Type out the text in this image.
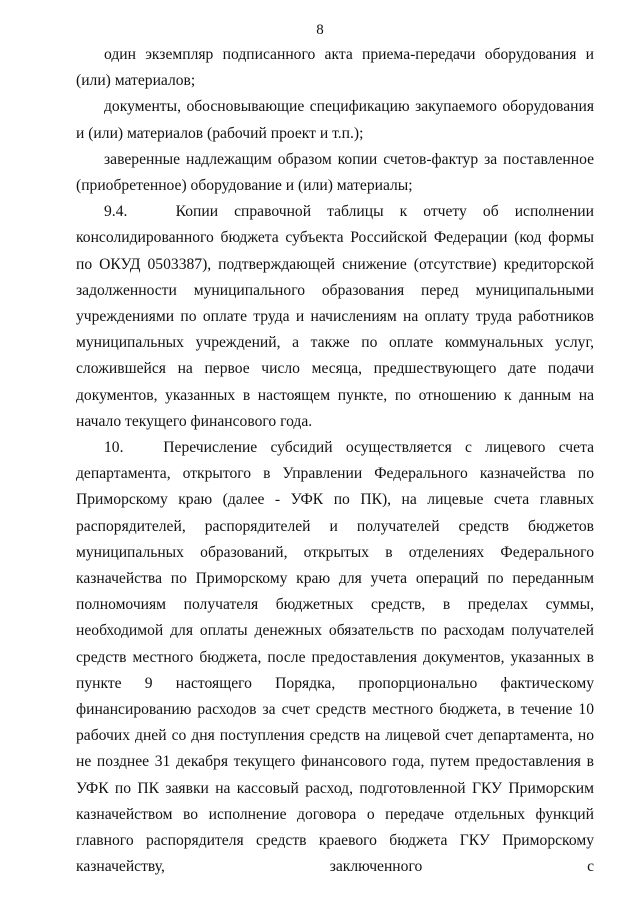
8

один экземпляр подписанного акта приема-передачи оборудования и (или) материалов;

документы, обосновывающие спецификацию закупаемого оборудования и (или) материалов (рабочий проект и т.п.);

заверенные надлежащим образом копии счетов-фактур за поставленное (приобретенное) оборудование и (или) материалы;

9.4.   Копии справочной таблицы к отчету об исполнении консолидированного бюджета субъекта Российской Федерации (код формы по ОКУД 0503387), подтверждающей снижение (отсутствие) кредиторской задолженности муниципального образования перед муниципальными учреждениями по оплате труда и начислениям на оплату труда работников муниципальных учреждений, а также по оплате коммунальных услуг, сложившейся на первое число месяца, предшествующего дате подачи документов, указанных в настоящем пункте, по отношению к данным на начало текущего финансового года.

10.   Перечисление субсидий осуществляется с лицевого счета департамента, открытого в Управлении Федерального казначейства по Приморскому краю (далее - УФК по ПК), на лицевые счета главных распорядителей, распорядителей и получателей средств бюджетов муниципальных образований, открытых в отделениях Федерального казначейства по Приморскому краю для учета операций по переданным полномочиям получателя бюджетных средств, в пределах суммы, необходимой для оплаты денежных обязательств по расходам получателей средств местного бюджета, после предоставления документов, указанных в пункте 9 настоящего Порядка, пропорционально фактическому финансированию расходов за счет средств местного бюджета, в течение 10 рабочих дней со дня поступления средств на лицевой счет департамента, но не позднее 31 декабря текущего финансового года, путем предоставления в УФК по ПК заявки на кассовый расход, подготовленной ГКУ Приморским казначейством во исполнение договора о передаче отдельных функций главного распорядителя средств краевого бюджета ГКУ Приморскому казначейству, заключенного с
